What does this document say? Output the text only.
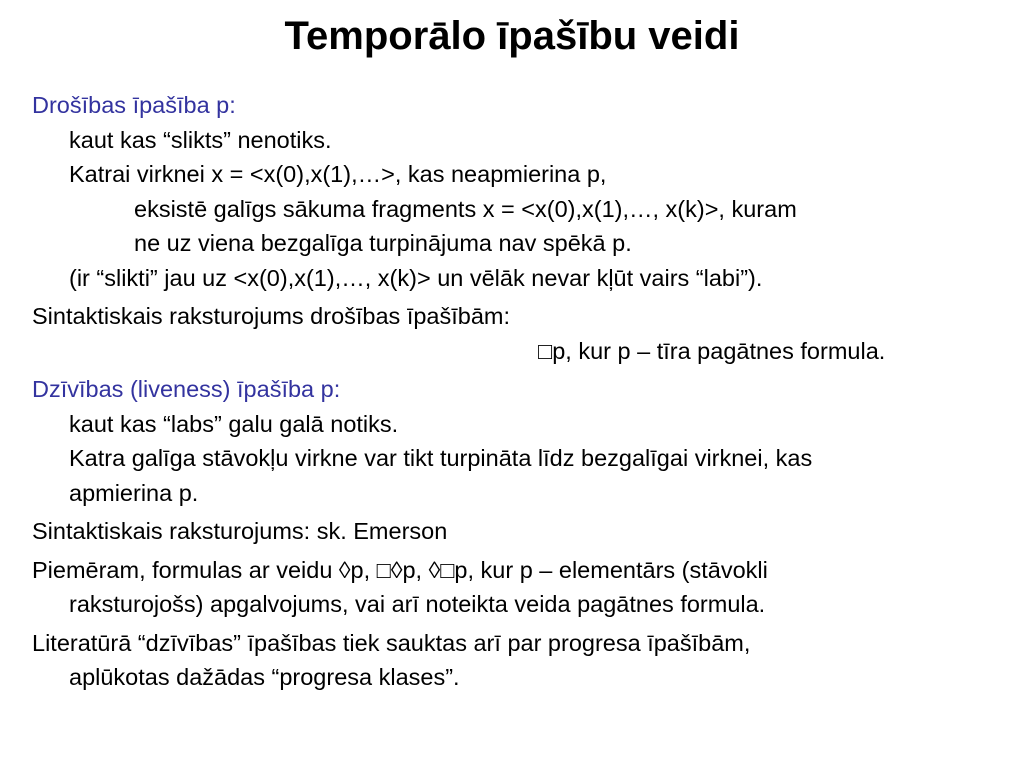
Temporālo īpašību veidi
Drošības īpašība p:
kaut kas “slikts” nenotiks.
Katrai virknei x = <x(0),x(1),…>, kas neapmierina p,
eksistē galīgs sākuma fragments x = <x(0),x(1),…, x(k)>, kuram
ne uz viena bezgalīga turpinājuma nav spēkā p.
(ir “slikti” jau uz <x(0),x(1),…, x(k)> un vēlāk nevar kļūt vairs “labi”).
Sintaktiskais raksturojums drošības īpašībām:
□p, kur p – tīra pagātnes formula.
Dzīvības (liveness) īpašība p:
kaut kas “labs” galu galā notiks.
Katra galīga stāvokļu virkne var tikt turpināta līdz bezgalīgai virknei, kas
apmierina p.
Sintaktiskais raksturojums: sk. Emerson
Piemēram, formulas ar veidu ◊p, □◊p, ◊□p, kur p – elementārs (stāvokli
raksturojošs) apgalvojums, vai arī noteikta veida pagātnes formula.
Literatūrā “dzīvības” īpašības tiek sauktas arī par progresa īpašībām,
aplūkotas dažādas “progresa klases”.
